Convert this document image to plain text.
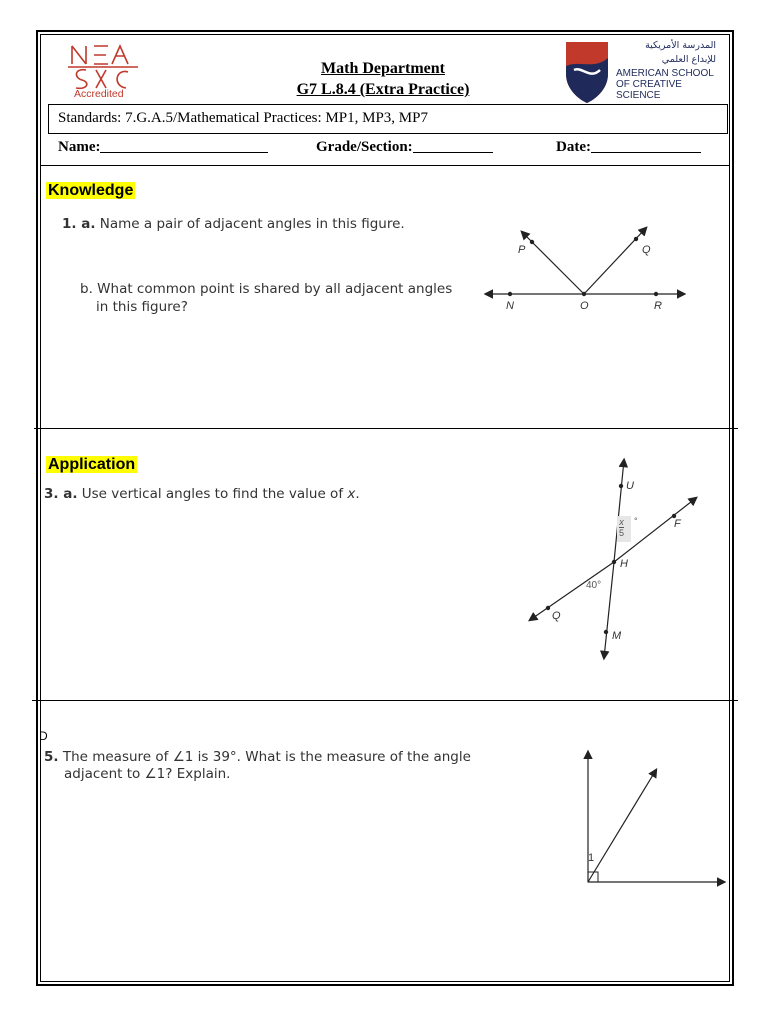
Accredited
Math Department
G7 L.8.4 (Extra Practice)
المدرسة الأمريكية
للإبداع العلمي
AMERICAN SCHOOL
OF CREATIVE SCIENCE
Standards: 7.G.A.5/Mathematical Practices: MP1, MP3, MP7
Name:	Grade/Section:	Date:
Knowledge
1. a. Name a pair of adjacent angles in this figure.
b. What common point is shared by all adjacent angles
in this figure?
P	Q
N	O	R
Application
3. a. Use vertical angles to find the value of x.	U
F
H
Q
M
$\frac{x}{5}$ °
40°
D
5. The measure of ∠1 is 39°. What is the measure of the angle
adjacent to ∠1? Explain.
1
